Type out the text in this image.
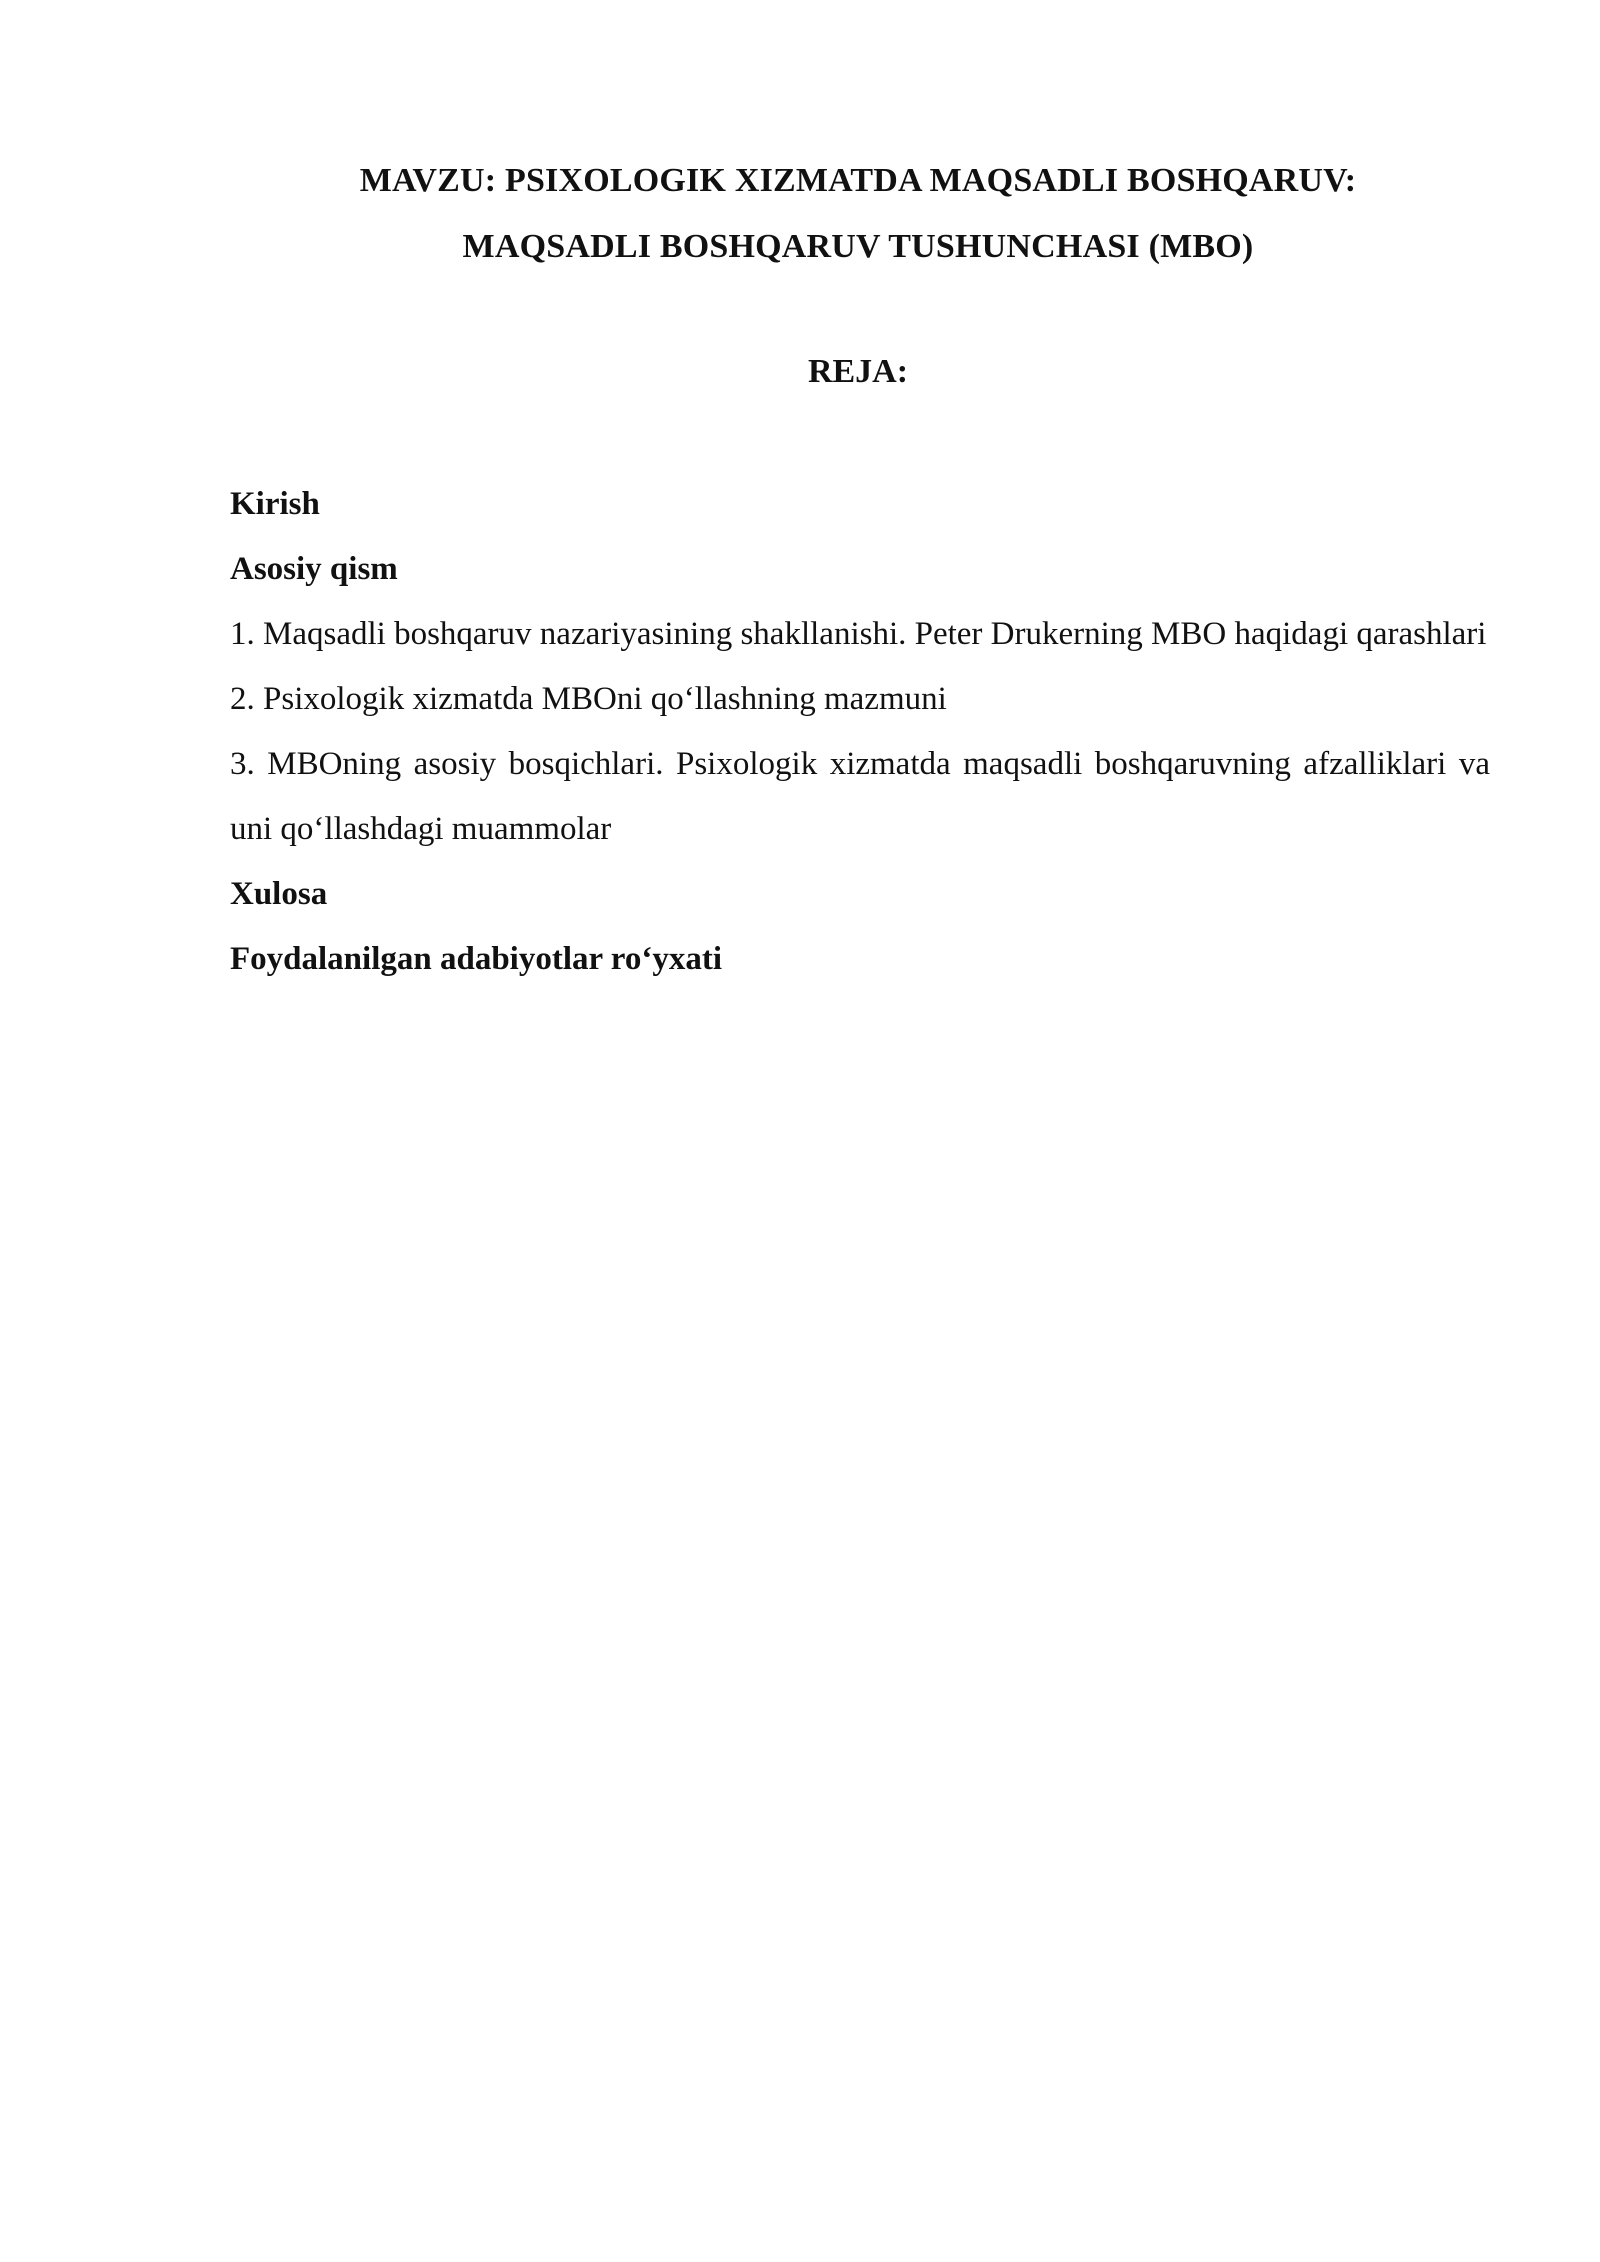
MAVZU: PSIXOLOGIK XIZMATDA MAQSADLI BOSHQARUV:
MAQSADLI BOSHQARUV TUSHUNCHASI (MBO)
REJA:

Kirish

Asosiy qism

1. Maqsadli boshqaruv nazariyasining shakllanishi. Peter Drukerning MBO haqidagi qarashlari

2. Psixologik xizmatda MBOni qo‘llashning mazmuni

3. MBOning asosiy bosqichlari. Psixologik xizmatda maqsadli boshqaruvning afzalliklari va uni qo‘llashdagi muammolar

Xulosa

Foydalanilgan adabiyotlar ro‘yxati
